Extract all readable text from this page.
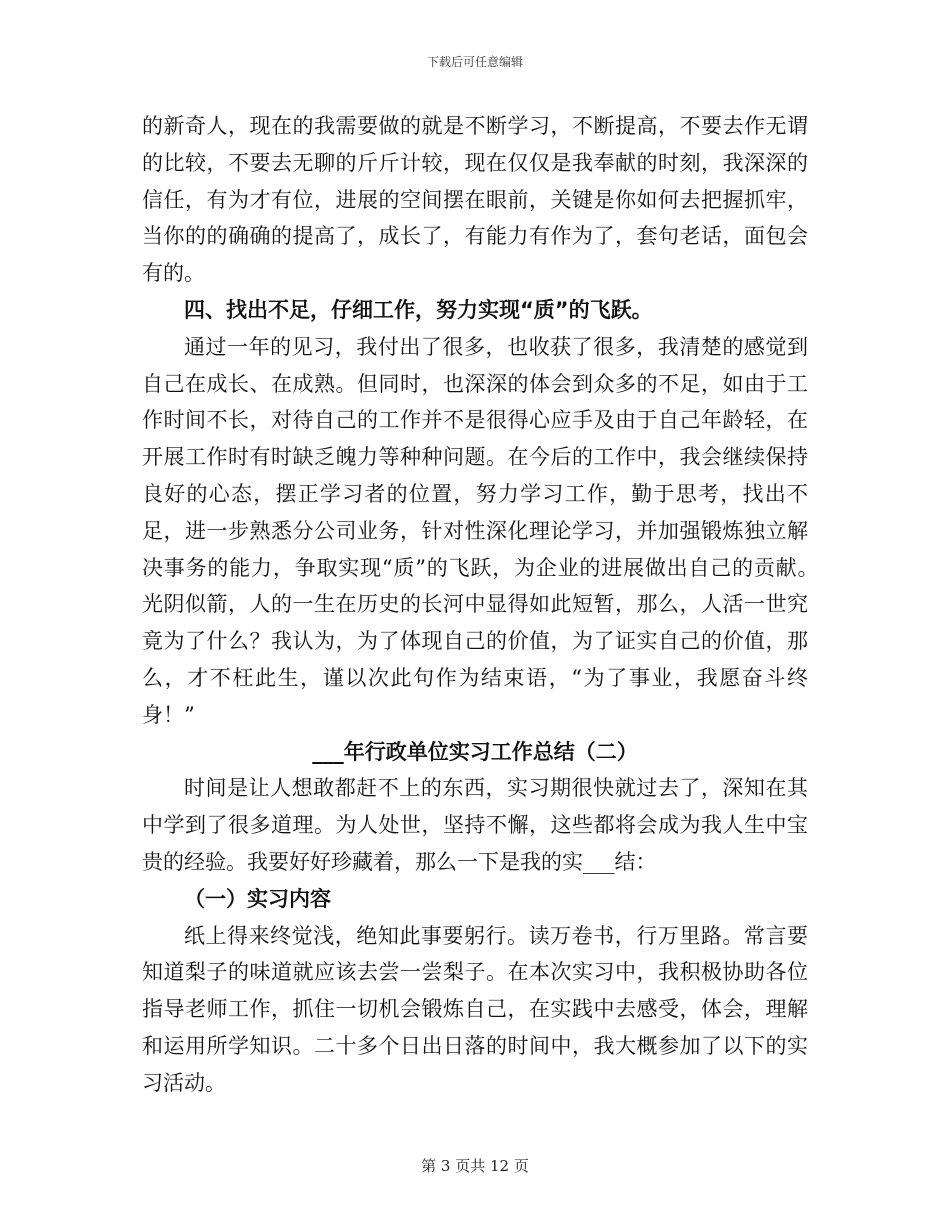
下载后可任意编辑

的新奇人，现在的我需要做的就是不断学习，不断提高，不要去作无谓的比较，不要去无聊的斤斤计较，现在仅仅是我奉献的时刻，我深深的信任，有为才有位，进展的空间摆在眼前，关键是你如何去把握抓牢，当你的的确确的提高了，成长了，有能力有作为了，套句老话，面包会有的。

四、找出不足，仔细工作，努力实现“质”的飞跃。

通过一年的见习，我付出了很多，也收获了很多，我清楚的感觉到自己在成长、在成熟。但同时，也深深的体会到众多的不足，如由于工作时间不长，对待自己的工作并不是很得心应手及由于自己年龄轻，在开展工作时有时缺乏魄力等种种问题。在今后的工作中，我会继续保持良好的心态，摆正学习者的位置，努力学习工作，勤于思考，找出不足，进一步熟悉分公司业务，针对性深化理论学习，并加强锻炼独立解决事务的能力，争取实现“质”的飞跃，为企业的进展做出自己的贡献。　光阴似箭，人的一生在历史的长河中显得如此短暂，那么，人活一世究竟为了什么？我认为，为了体现自己的价值，为了证实自己的价值，那么，才不枉此生，谨以次此句作为结束语，“为了事业，我愿奋斗终身！”

___年行政单位实习工作总结（二）

时间是让人想敢都赶不上的东西，实习期很快就过去了，深知在其中学到了很多道理。为人处世，坚持不懈，这些都将会成为我人生中宝贵的经验。我要好好珍藏着，那么一下是我的实___结：

（一）实习内容

纸上得来终觉浅，绝知此事要躬行。读万卷书，行万里路。常言要知道梨子的味道就应该去尝一尝梨子。在本次实习中，我积极协助各位指导老师工作，抓住一切机会锻炼自己，在实践中去感受，体会，理解和运用所学知识。二十多个日出日落的时间中，我大概参加了以下的实习活动。

第 3 页共 12 页
